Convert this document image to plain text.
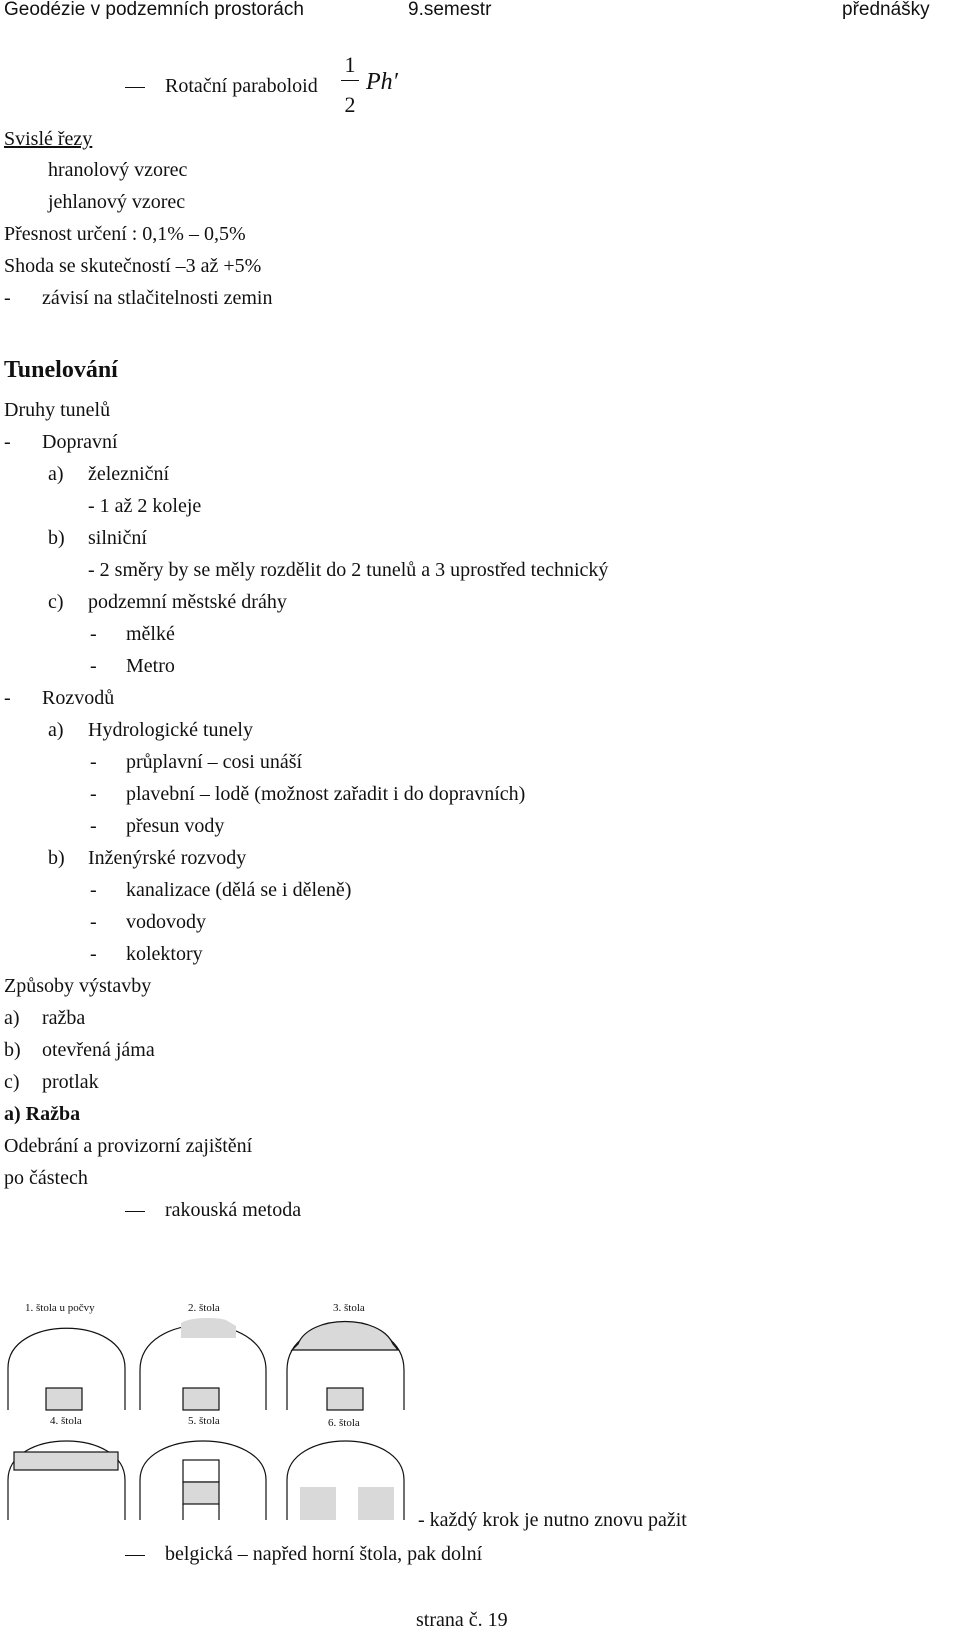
Geodézie v podzemních prostorách	9.semestr	přednášky
Rotační paraboloid
1
2
Ph′
Svislé řezy
hranolový vzorec
jehlanový vzorec
Přesnost určení : 0,1% – 0,5%
Shoda se skutečností –3 až +5%
- závisí na stlačitelnosti zemin
Tunelování
Druhy tunelů
- Dopravní
a) železniční
- 1 až 2 koleje
b) silniční
- 2 směry by se měly rozdělit do 2 tunelů a 3 uprostřed technický
c) podzemní městské dráhy
- mělké
- Metro
- Rozvodů
a) Hydrologické tunely
- průplavní – cosi unáší
- plavební – lodě (možnost zařadit i do dopravních)
- přesun vody
b) Inženýrské rozvody
- kanalizace (dělá se i děleně)
- vodovody
- kolektory
Způsoby výstavby
a) ražba
b) otevřená jáma
c) protlak
a) Ražba
Odebrání a provizorní zajištění
po částech
rakouská metoda
1. štola u počvy	2. štola	3. štola
4. štola	5. štola	6. štola
- každý krok je nutno znovu pažit
belgická – napřed horní štola, pak dolní
strana č. 19
